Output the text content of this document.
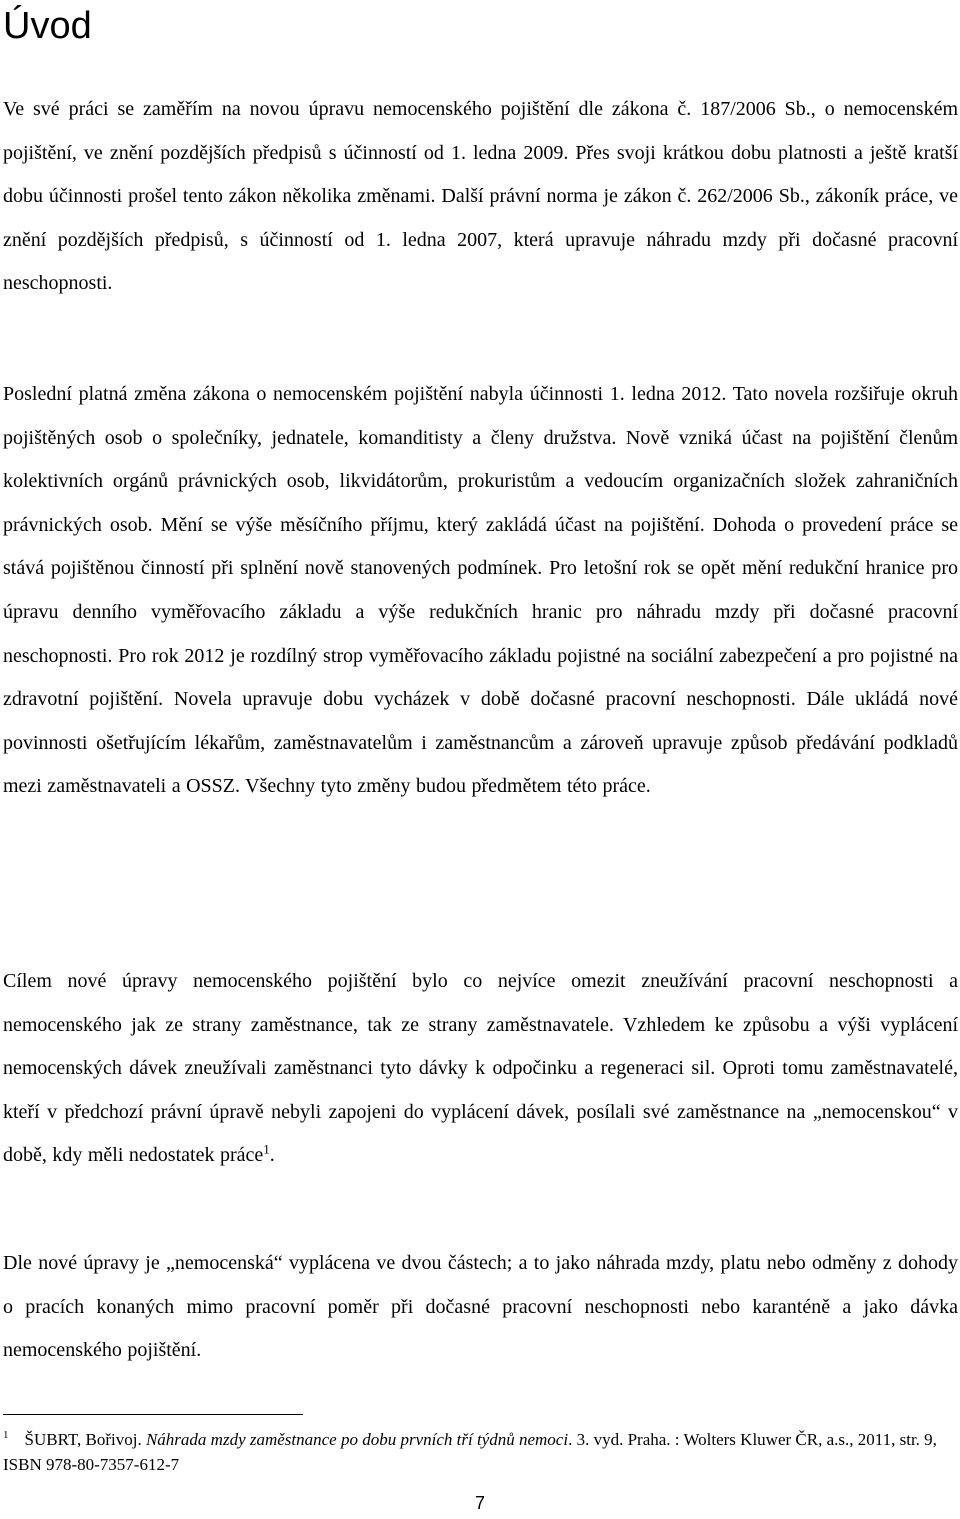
Úvod

Ve své práci se zaměřím na novou úpravu nemocenského pojištění dle zákona č. 187/2006 Sb., o nemocenském pojištění, ve znění pozdějších předpisů s účinností od 1. ledna 2009. Přes svoji krátkou dobu platnosti a ještě kratší dobu účinnosti prošel tento zákon několika změnami. Další právní norma je zákon č. 262/2006 Sb., zákoník práce, ve znění pozdějších předpisů, s účinností od 1. ledna 2007, která upravuje náhradu mzdy při dočasné pracovní neschopnosti.

Poslední platná změna zákona o nemocenském pojištění nabyla účinnosti 1. ledna 2012. Tato novela rozšiřuje okruh pojištěných osob o společníky, jednatele, komanditisty a členy družstva. Nově vzniká účast na pojištění členům kolektivních orgánů právnických osob, likvidátorům, prokuristům a vedoucím organizačních složek zahraničních právnických osob. Mění se výše měsíčního příjmu, který zakládá účast na pojištění. Dohoda o provedení práce se stává pojištěnou činností při splnění nově stanovených podmínek. Pro letošní rok se opět mění redukční hranice pro úpravu denního vyměřovacího základu a výše redukčních hranic pro náhradu mzdy při dočasné pracovní neschopnosti. Pro rok 2012 je rozdílný strop vyměřovacího základu pojistné na sociální zabezpečení a pro pojistné na zdravotní pojištění. Novela upravuje dobu vycházek v době dočasné pracovní neschopnosti. Dále ukládá nové povinnosti ošetřujícím lékařům, zaměstnavatelům i zaměstnancům a zároveň upravuje způsob předávání podkladů mezi zaměstnavateli a OSSZ. Všechny tyto změny budou předmětem této práce.

Cílem nové úpravy nemocenského pojištění bylo co nejvíce omezit zneužívání pracovní neschopnosti a nemocenského jak ze strany zaměstnance, tak ze strany zaměstnavatele. Vzhledem ke způsobu a výši vyplácení nemocenských dávek zneužívali zaměstnanci tyto dávky k odpočinku a regeneraci sil. Oproti tomu zaměstnavatelé, kteří v předchozí právní úpravě nebyli zapojeni do vyplácení dávek, posílali své zaměstnance na „nemocenskou“ v době, kdy měli nedostatek práce$^1$.

Dle nové úpravy je „nemocenská“ vyplácena ve dvou částech; a to jako náhrada mzdy, platu nebo odměny z dohody o pracích konaných mimo pracovní poměr při dočasné pracovní neschopnosti nebo karanténě a jako dávka nemocenského pojištění.

$^1$ ŠUBRT, Bořivoj. Náhrada mzdy zaměstnance po dobu prvních tří týdnů nemoci. 3. vyd. Praha. : Wolters Kluwer ČR, a.s., 2011, str. 9, ISBN 978-80-7357-612-7

7
